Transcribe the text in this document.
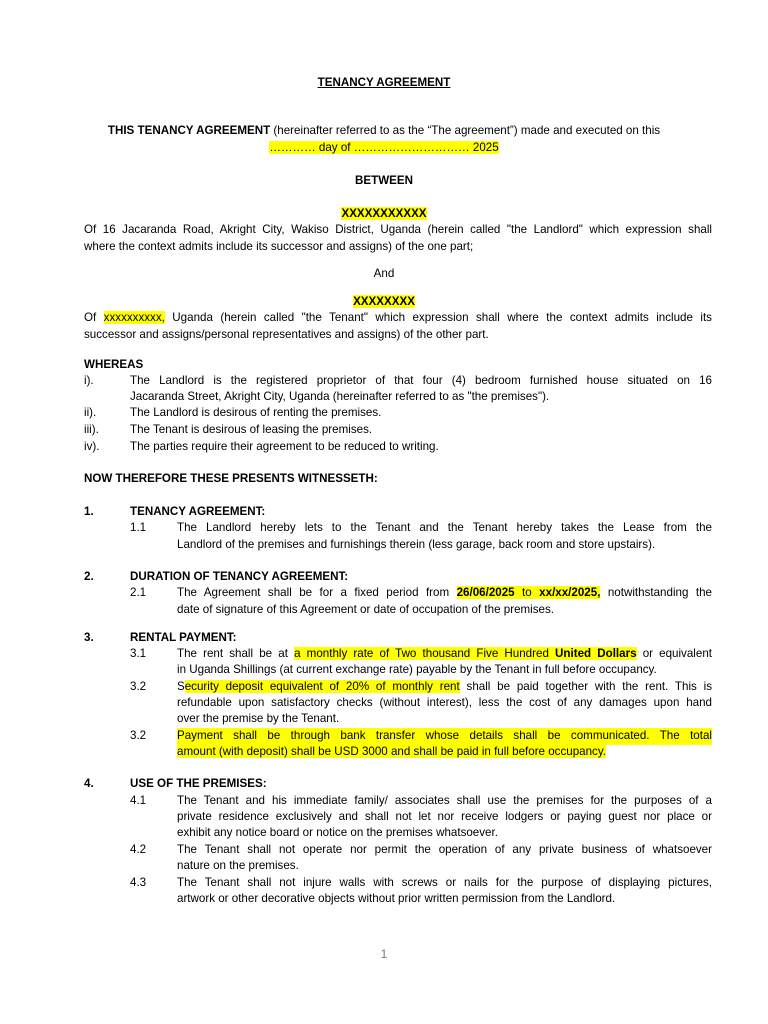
TENANCY AGREEMENT
THIS TENANCY AGREEMENT (hereinafter referred to as the “The agreement”) made and executed on this
………… day of ………………………… 2025
BETWEEN
XXXXXXXXXXX
Of 16 Jacaranda Road, Akright City, Wakiso District, Uganda (herein called "the Landlord" which expression shall
where the context admits include its successor and assigns) of the one part;
And
XXXXXXXX
Of xxxxxxxxxx, Uganda (herein called "the Tenant" which expression shall where the context admits include its
successor and assigns/personal representatives and assigns) of the other part.
WHEREAS
i).	The Landlord is the registered proprietor of that four (4) bedroom furnished house situated on 16
Jacaranda Street, Akright City, Uganda (hereinafter referred to as "the premises").
ii).	The Landlord is desirous of renting the premises.
iii).	The Tenant is desirous of leasing the premises.
iv).	The parties require their agreement to be reduced to writing.
NOW THEREFORE THESE PRESENTS WITNESSETH:
1.	TENANCY AGREEMENT:
1.1	The Landlord hereby lets to the Tenant and the Tenant hereby takes the Lease from the
Landlord of the premises and furnishings therein (less garage, back room and store upstairs).
2.	DURATION OF TENANCY AGREEMENT:
2.1	The Agreement shall be for a fixed period from 26/06/2025 to xx/xx/2025, notwithstanding the
date of signature of this Agreement or date of occupation of the premises.
3.	RENTAL PAYMENT:
3.1	The rent shall be at a monthly rate of Two thousand Five Hundred United Dollars or equivalent
in Uganda Shillings (at current exchange rate) payable by the Tenant in full before occupancy.
3.2	Security deposit equivalent of 20% of monthly rent shall be paid together with the rent. This is
refundable upon satisfactory checks (without interest), less the cost of any damages upon hand
over the premise by the Tenant.
3.2	Payment shall be through bank transfer whose details shall be communicated. The total
amount (with deposit) shall be USD 3000 and shall be paid in full before occupancy.
4.	USE OF THE PREMISES:
4.1	The Tenant and his immediate family/ associates shall use the premises for the purposes of a
private residence exclusively and shall not let nor receive lodgers or paying guest nor place or
exhibit any notice board or notice on the premises whatsoever.
4.2	The Tenant shall not operate nor permit the operation of any private business of whatsoever
nature on the premises.
4.3	The Tenant shall not injure walls with screws or nails for the purpose of displaying pictures,
artwork or other decorative objects without prior written permission from the Landlord.
1
